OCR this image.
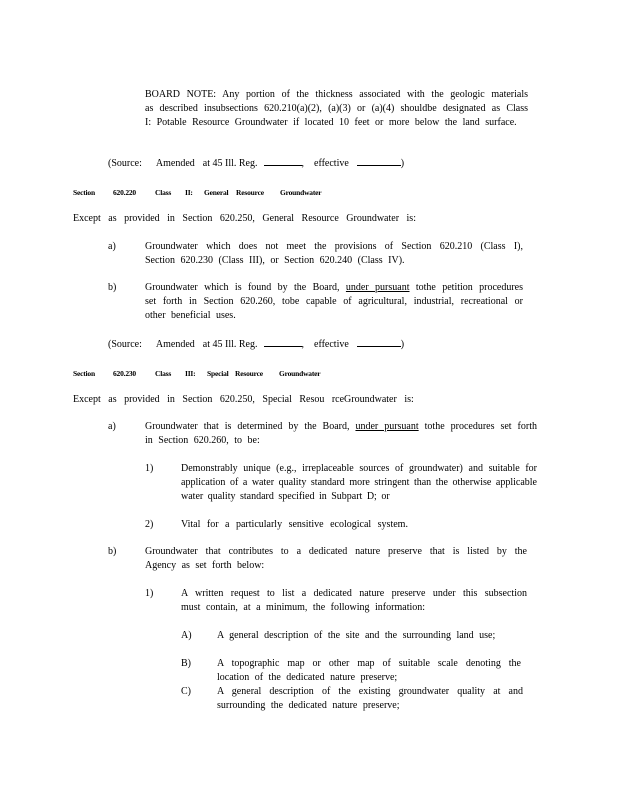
BOARD NOTE: Any portion of the thickness associated with the geologic materials as described insubsections 620.210(a)(2), (a)(3) or (a)(4) shouldbe designated as Class I: Potable Resource Groundwater if located 10 feet or more below the land surface.
(Source: Amended at 45 Ill. Reg.	, effective	)
Section 620.220	Class II: General Resource Groundwater
Except as provided in Section 620.250, General Resource Groundwater is:
a)	Groundwater which does not meet the provisions of Section 620.210 (Class I), Section 620.230 (Class III), or Section 620.240 (Class IV).
b)	Groundwater which is found by the Board, under pursuant tothe petition procedures set forth in Section 620.260, tobe capable of agricultural, industrial, recreational or other beneficial uses.
(Source: Amended at 45 Ill. Reg.	, effective	)
Section 620.230	Class III: Special Resource Groundwater
Except as provided in Section 620.250, Special Resou rceGroundwater is:
a)	Groundwater that is determined by the Board, under pursuant tothe procedures set forth in Section 620.260, to be:
1)	Demonstrably unique (e.g., irreplaceable sources of groundwater) and suitable for application of a water quality standard more stringent than the otherwise applicable water quality standard specified in Subpart D; or
2)	Vital for a particularly sensitive ecological system.
b)	Groundwater that contributes to a dedicated nature preserve that is listed by the Agency as set forth below:
1)	A written request to list a dedicated nature preserve under this subsection must contain, at a minimum, the following information:
A)	A general description of the site and the surrounding land use;
B)	A topographic map or other map of suitable scale denoting the location of the dedicated nature preserve;
C)	A general description of the existing groundwater quality at and surrounding the dedicated nature preserve;
